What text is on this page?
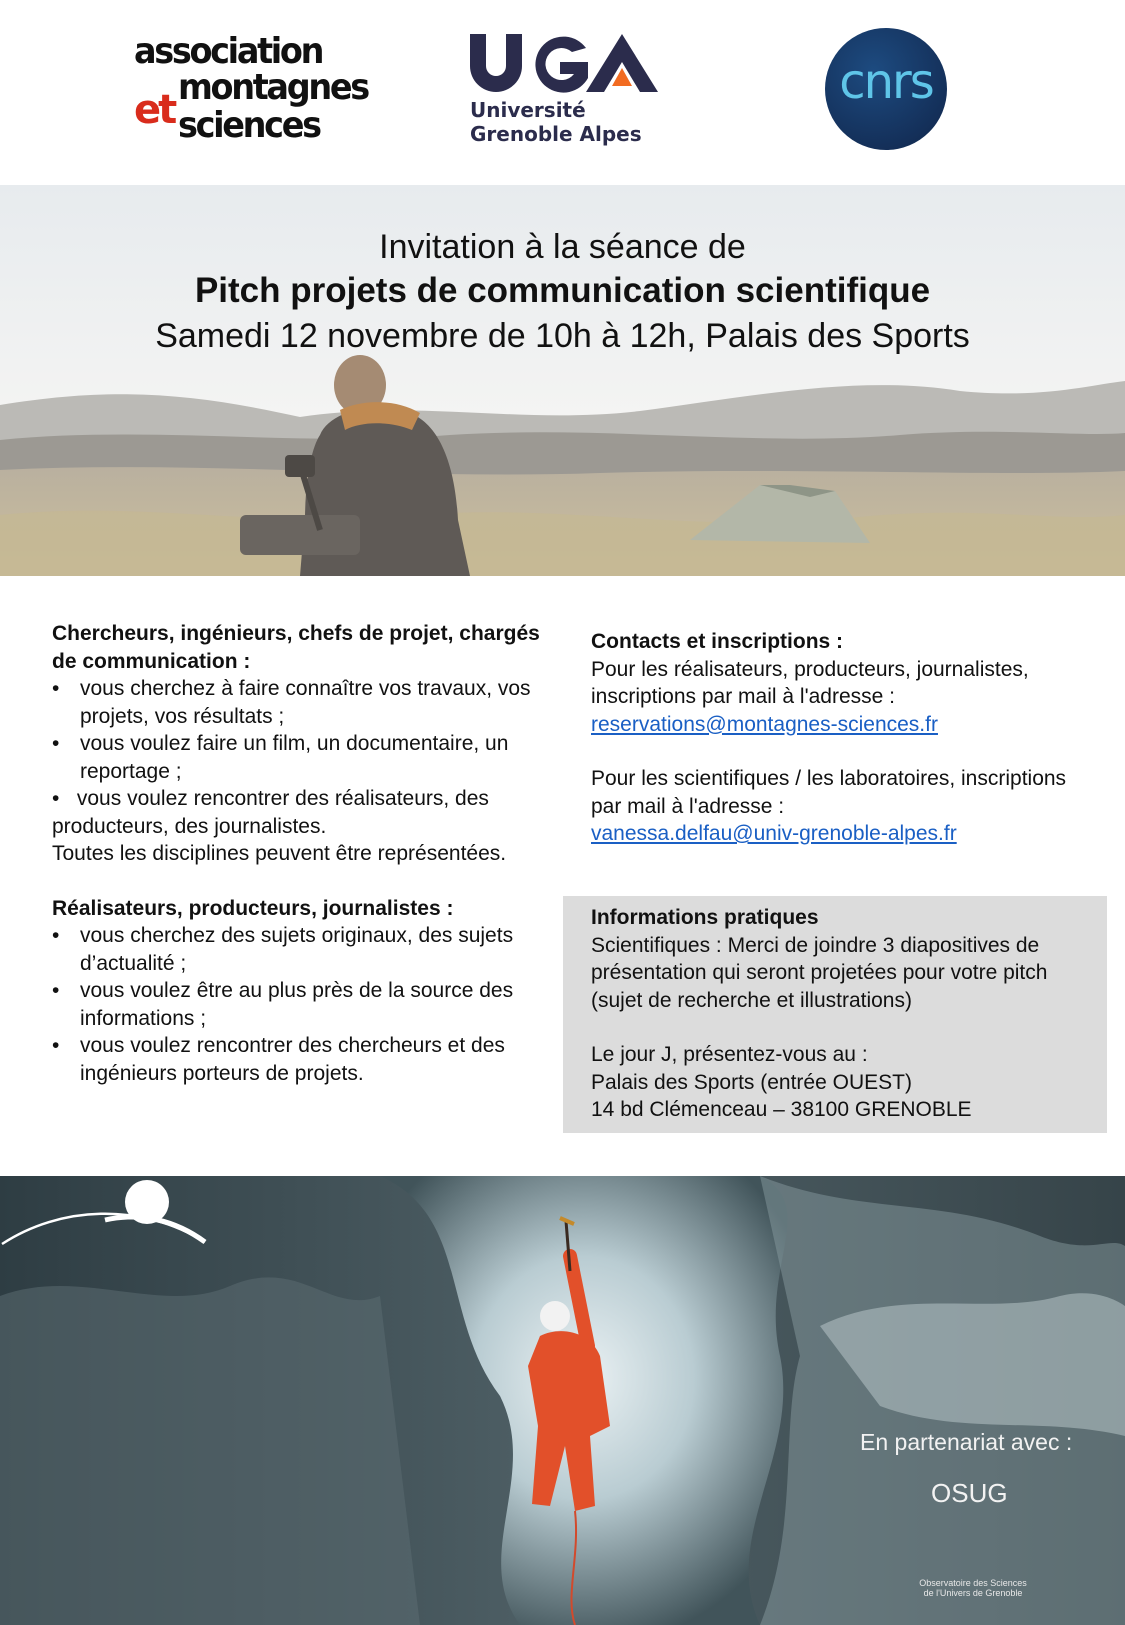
association
montagnes
et sciences	Université
Grenoble Alpes
cnrs
Invitation à la séance de
Pitch projets de communication scientifique
Samedi 12 novembre de 10h à 12h, Palais des Sports
Chercheurs, ingénieurs, chefs de projet, chargés de communication :
• vous cherchez à faire connaître vos travaux, vos projets, vos résultats ;
• vous voulez faire un film, un documentaire, un reportage ;

• vous voulez rencontrer des réalisateurs, des producteurs, des journalistes.

Toutes les disciplines peuvent être représentées.

Réalisateurs, producteurs, journalistes :
• vous cherchez des sujets originaux, des sujets d’actualité ;
• vous voulez être au plus près de la source des informations ;
• vous voulez rencontrer des chercheurs et des ingénieurs porteurs de projets.
Contacts et inscriptions :

Pour les réalisateurs, producteurs, journalistes, inscriptions par mail à l'adresse :

reservations@montagnes-sciences.fr

Pour les scientifiques / les laboratoires, inscriptions par mail à l'adresse :

vanessa.delfau@univ-grenoble-alpes.fr

Informations pratiques

Scientifiques : Merci de joindre 3 diapositives de présentation qui seront projetées pour votre pitch (sujet de recherche et illustrations)

Le jour J, présentez-vous au :

Palais des Sports (entrée OUEST)

14 bd Clémenceau – 38100 GRENOBLE

En partenariat avec :
OSUG
Observatoire des Sciences de l'Univers de Grenoble
